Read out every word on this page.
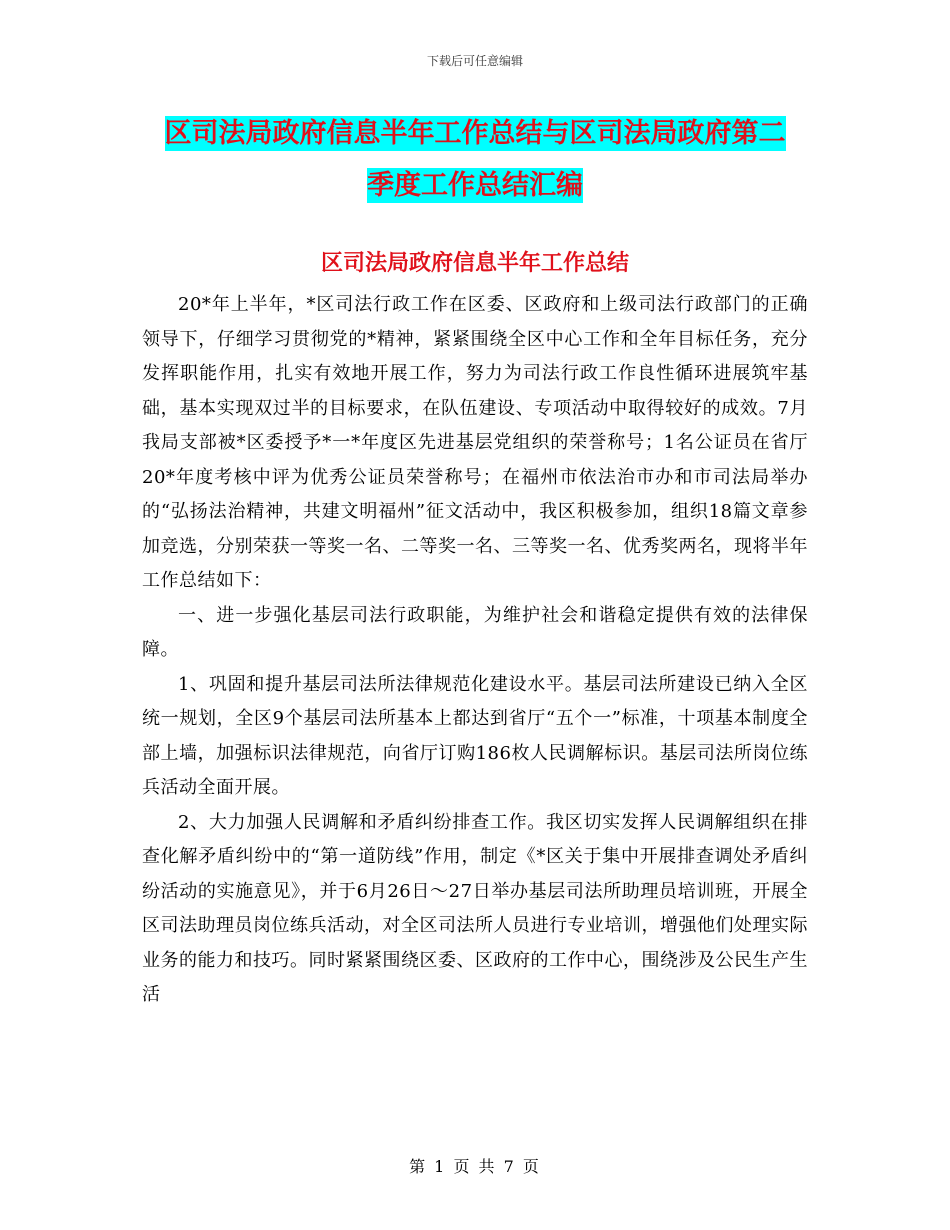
下载后可任意编辑
区司法局政府信息半年工作总结与区司法局政府第二
季度工作总结汇编
区司法局政府信息半年工作总结

20*年上半年，*区司法行政工作在区委、区政府和上级司法行政部门的正确领导下，仔细学习贯彻党的*精神，紧紧围绕全区中心工作和全年目标任务，充分发挥职能作用，扎实有效地开展工作，努力为司法行政工作良性循环进展筑牢基础，基本实现双过半的目标要求，在队伍建设、专项活动中取得较好的成效。7月我局支部被*区委授予*一*年度区先进基层党组织的荣誉称号；1名公证员在省厅20*年度考核中评为优秀公证员荣誉称号；在福州市依法治市办和市司法局举办的“弘扬法治精神，共建文明福州”征文活动中，我区积极参加，组织18篇文章参加竞选，分别荣获一等奖一名、二等奖一名、三等奖一名、优秀奖两名，现将半年工作总结如下：

一、进一步强化基层司法行政职能，为维护社会和谐稳定提供有效的法律保障。

1、巩固和提升基层司法所法律规范化建设水平。基层司法所建设已纳入全区统一规划，全区9个基层司法所基本上都达到省厅“五个一”标准，十项基本制度全部上墙，加强标识法律规范，向省厅订购186枚人民调解标识。基层司法所岗位练兵活动全面开展。

2、大力加强人民调解和矛盾纠纷排查工作。我区切实发挥人民调解组织在排查化解矛盾纠纷中的“第一道防线”作用，制定《*区关于集中开展排查调处矛盾纠纷活动的实施意见》，并于6月26日～27日举办基层司法所助理员培训班，开展全区司法助理员岗位练兵活动，对全区司法所人员进行专业培训，增强他们处理实际业务的能力和技巧。同时紧紧围绕区委、区政府的工作中心，围绕涉及公民生产生活

第 1 页 共 7 页
